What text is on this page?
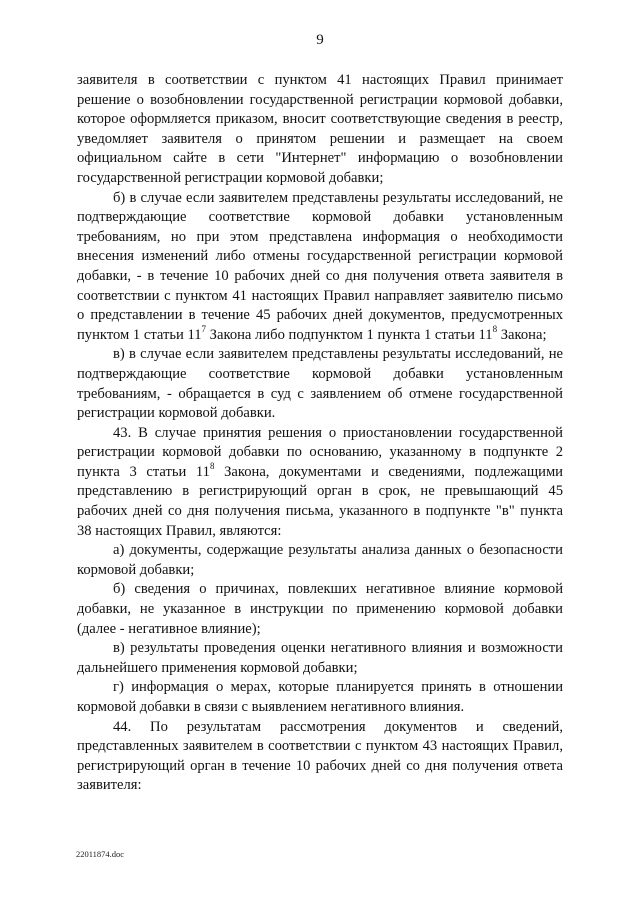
9

заявителя в соответствии с пунктом 41 настоящих Правил принимает решение о возобновлении государственной регистрации кормовой добавки, которое оформляется приказом, вносит соответствующие сведения в реестр, уведомляет заявителя о принятом решении и размещает на своем официальном сайте в сети "Интернет" информацию о возобновлении государственной регистрации кормовой добавки;

б) в случае если заявителем представлены результаты исследований, не подтверждающие соответствие кормовой добавки установленным требованиям, но при этом представлена информация о необходимости внесения изменений либо отмены государственной регистрации кормовой добавки, - в течение 10 рабочих дней со дня получения ответа заявителя в соответствии с пунктом 41 настоящих Правил направляет заявителю письмо о представлении в течение 45 рабочих дней документов, предусмотренных пунктом 1 статьи $11^7$ Закона либо подпунктом 1 пункта 1 статьи $11^8$ Закона;

в) в случае если заявителем представлены результаты исследований, не подтверждающие соответствие кормовой добавки установленным требованиям, - обращается в суд с заявлением об отмене государственной регистрации кормовой добавки.

43. В случае принятия решения о приостановлении государственной регистрации кормовой добавки по основанию, указанному в подпункте 2 пункта 3 статьи $11^8$ Закона, документами и сведениями, подлежащими представлению в регистрирующий орган в срок, не превышающий 45 рабочих дней со дня получения письма, указанного в подпункте "в" пункта 38 настоящих Правил, являются:

а) документы, содержащие результаты анализа данных о безопасности кормовой добавки;

б) сведения о причинах, повлекших негативное влияние кормовой добавки, не указанное в инструкции по применению кормовой добавки (далее - негативное влияние);

в) результаты проведения оценки негативного влияния и возможности дальнейшего применения кормовой добавки;

г) информация о мерах, которые планируется принять в отношении кормовой добавки в связи с выявлением негативного влияния.

44. По результатам рассмотрения документов и сведений, представленных заявителем в соответствии с пунктом 43 настоящих Правил, регистрирующий орган в течение 10 рабочих дней со дня получения ответа заявителя:

22011874.doc
